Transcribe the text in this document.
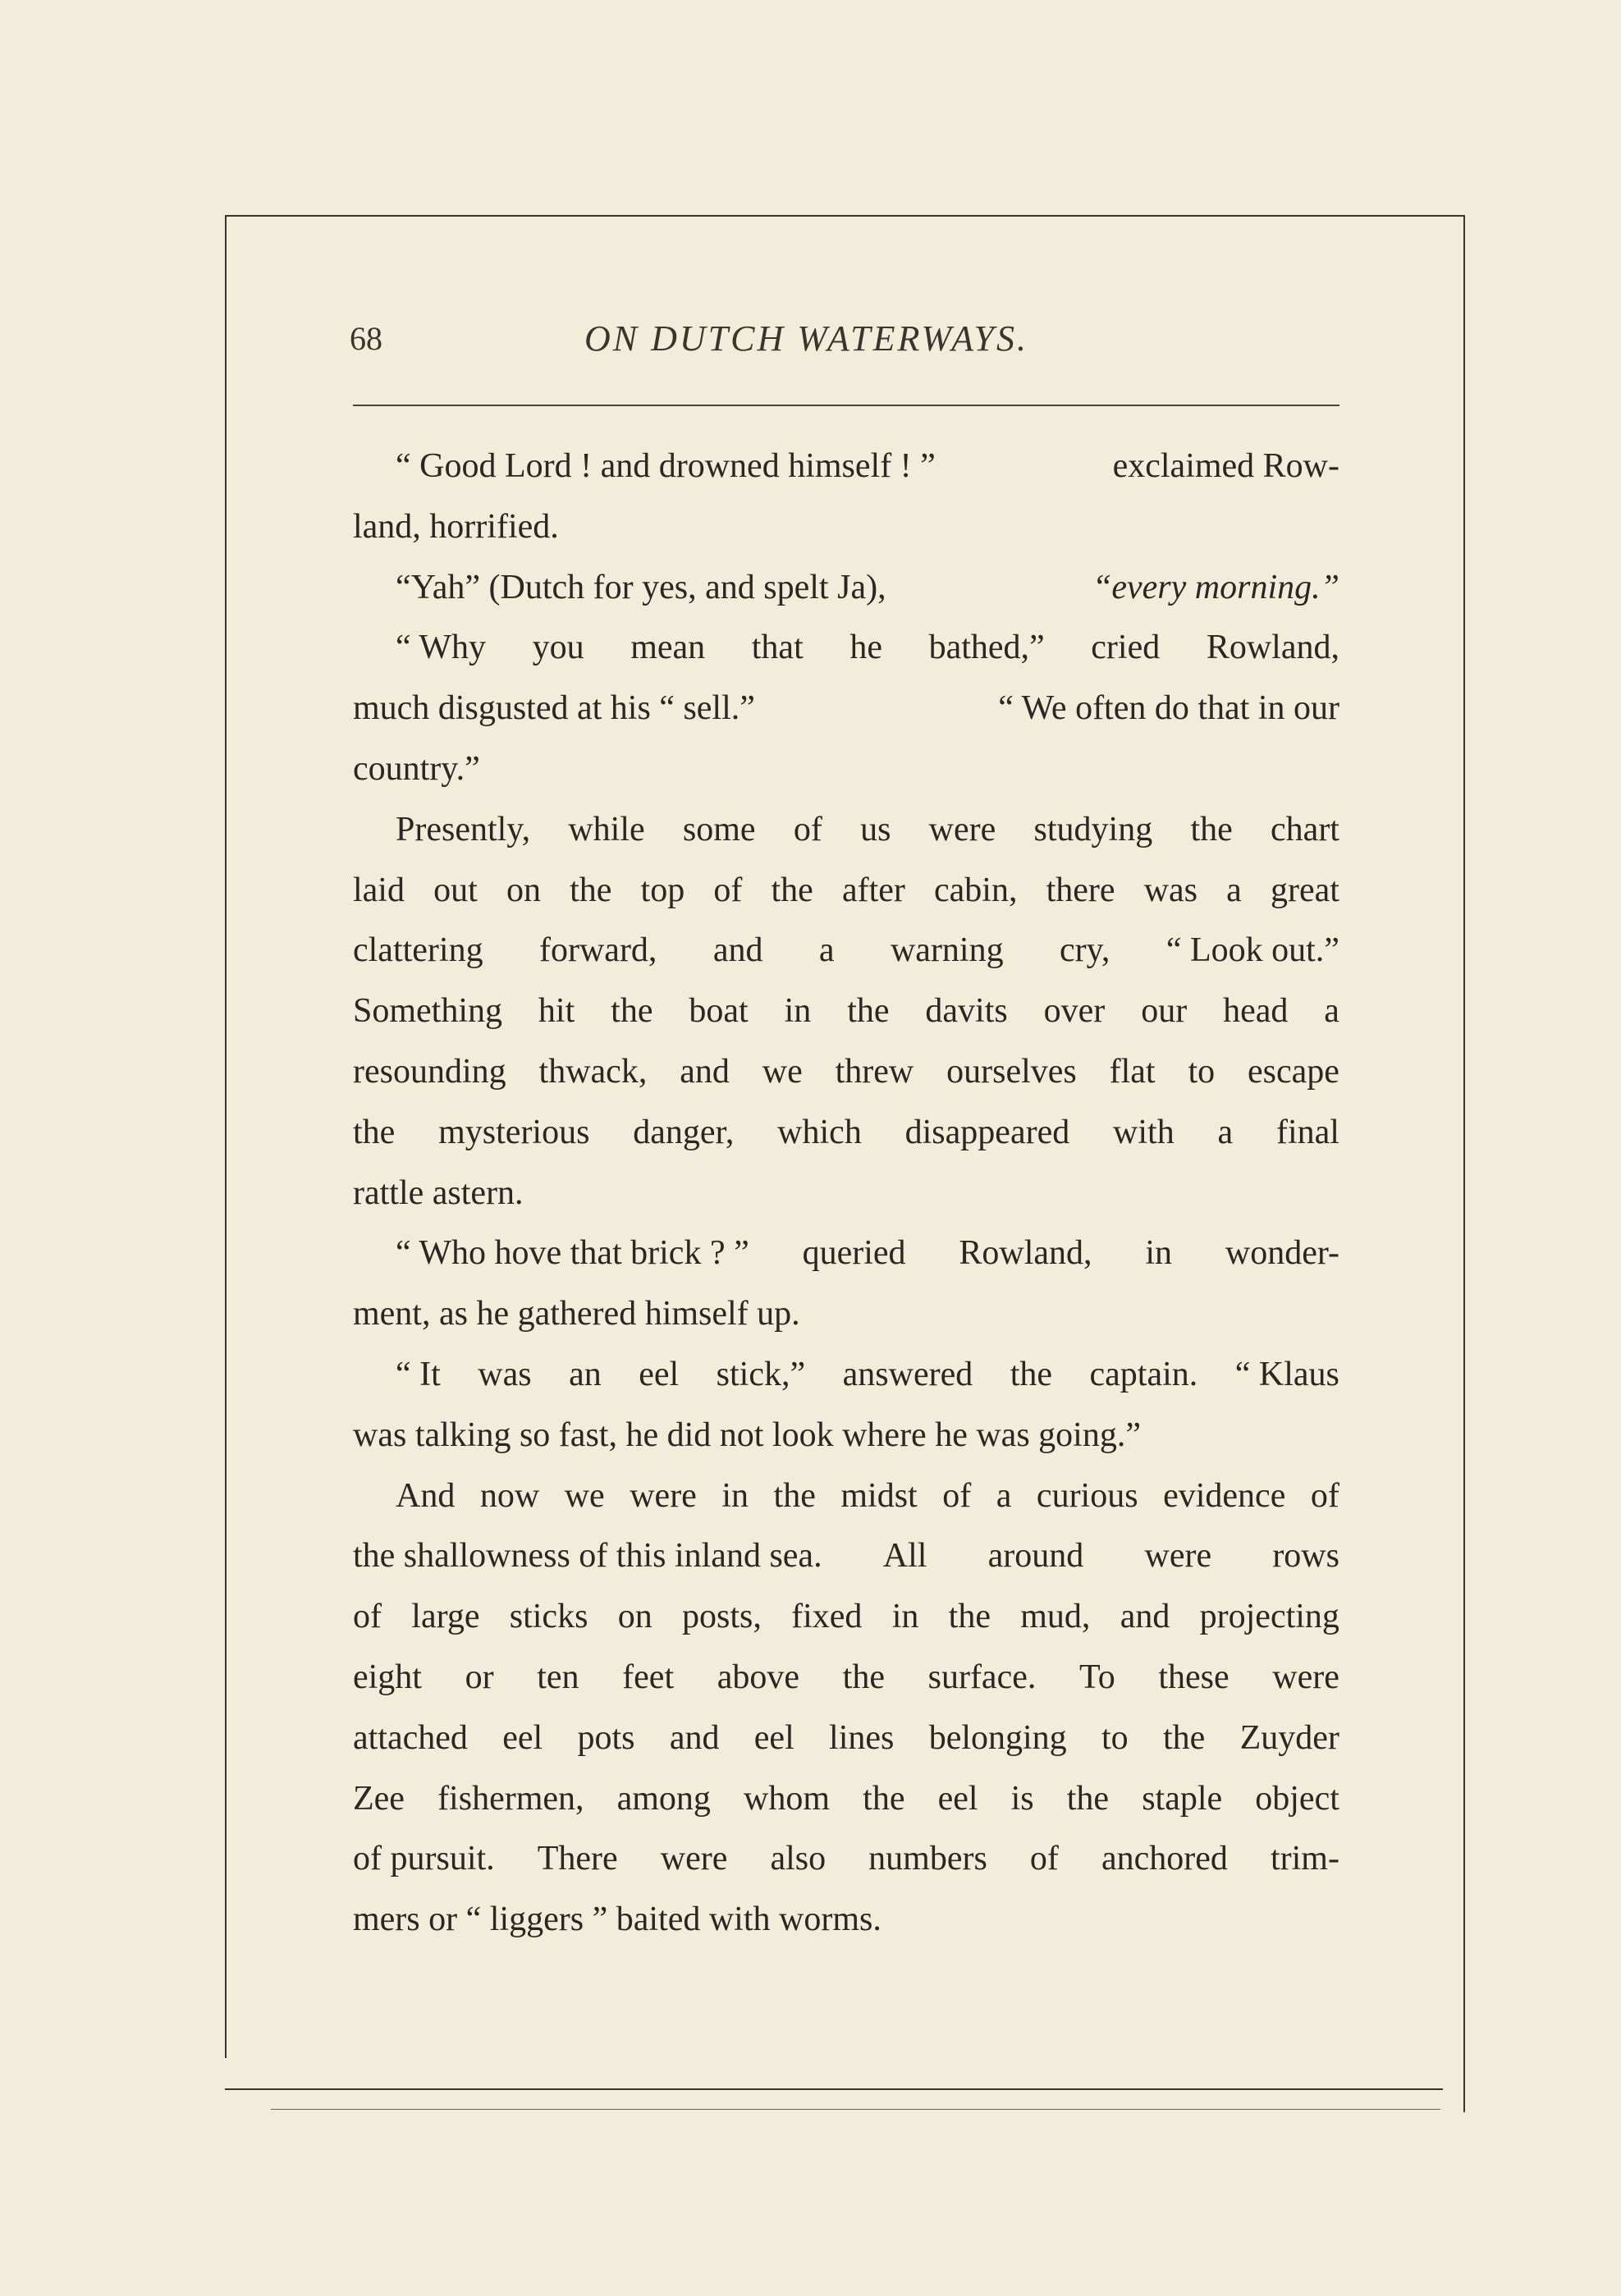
68	ON DUTCH WATERWAYS.
“ Good Lord ! and drowned himself ! ”	exclaimed Row-
land, horrified.
“Yah” (Dutch for yes, and spelt Ja),	“every morning.”
“ Why you mean that he bathed,” cried Rowland,
much disgusted at his “ sell.”	“ We often do that in our
country.”
Presently, while some of us were studying the chart
laid out on the top of the after cabin, there was a great
clattering forward, and a warning cry, “ Look out.”
Something hit the boat in the davits over our head a
resounding thwack, and we threw ourselves flat to escape
the mysterious danger, which disappeared with a final
rattle astern.
“ Who hove that brick ? ” queried Rowland, in wonder-
ment, as he gathered himself up.
“ It was an eel stick,” answered the captain. “ Klaus
was talking so fast, he did not look where he was going.”
And now we were in the midst of a curious evidence of
the shallowness of this inland sea. All around were rows
of large sticks on posts, fixed in the mud, and projecting
eight or ten feet above the surface. To these were
attached eel pots and eel lines belonging to the Zuyder
Zee fishermen, among whom the eel is the staple object
of pursuit. There were also numbers of anchored trim-
mers or “ liggers ” baited with worms.
